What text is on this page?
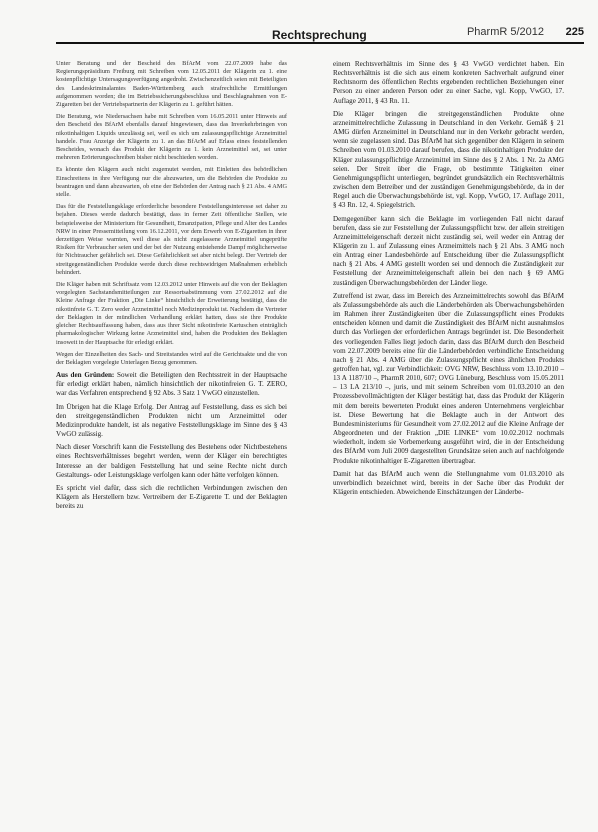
Rechtsprechung	PharmR 5/2012 225

Unter Beratung und der Bescheid des BfArM vom 22.07.2009 habe das Regierungspräsidium Freiburg mit Schreiben vom 12.05.2011 der Klägerin zu 1. eine kostenpflichtige Untersagungsverfügung angedroht. Zwischenzeitlich seien mit Beteiligten des Landeskriminalamtes Baden-Württemberg auch strafrechtliche Ermittlungen aufgenommen worden; die im Betriebssicherungsbeschluss und Beschlagnahmen von E-Zigaretten bei der Vertriebspartnerin der Klägerin zu 1. geführt hätten.

Die Beratung, wie Niedersachsen habe mit Schreiben vom 16.05.2011 unter Hinweis auf den Bescheid des BfArM ebenfalls darauf hingewiesen, dass das Inverkehrbringen von nikotinhaltigen Liquids unzulässig sei, weil es sich um zulassungspflichtige Arzneimittel handele. Frau Anzeige der Klägerin zu 1. an das BfArM auf Erlass eines feststellenden Bescheides, wonach das Produkt der Klägerin zu 1. kein Arzneimittel sei, sei unter mehreren Erörterungsschreiben bisher nicht beschieden worden.

Es könnte den Klägern auch nicht zugemutet werden, mit Einleiten des behördlichen Einschreitens in ihre Verfügung nur die abzuwarten, um die Behörden die Produkte zu beantragen und dann abzuwarten, ob eine der Behörden der Antrag nach § 21 Abs. 4 AMG stelle.

Das für die Feststellungsklage erforderliche besondere Feststellungsinteresse sei daher zu bejahen. Dieses werde dadurch bestätigt, dass in ferner Zeit öffentliche Stellen, wie beispielsweise der Ministerium für Gesundheit, Emanzipation, Pflege und Alter des Landes NRW in einer Pressemitteilung vom 16.12.2011, vor dem Erwerb von E-Zigaretten in ihrer derzeitigen Weise warnten, weil diese als nicht zugelassene Arzneimittel ungeprüfte Risiken für Verbraucher seien und der bei der Nutzung entstehende Dampf möglicherweise für Nichtraucher gefährlich sei. Diese Gefährlichkeit sei aber nicht belegt. Der Vertrieb der streitgegenständlichen Produkte werde durch diese rechtswidrigen Maßnahmen erheblich behindert.

Die Kläger haben mit Schriftsatz vom 12.03.2012 unter Hinweis auf die von der Beklagten vorgelegten Sachstandsmitteilungen zur Ressortsabstimmung vom 27.02.2012 auf die Kleine Anfrage der Fraktion „Die Linke“ hinsichtlich der Erweiterung bestätigt, dass die nikotinfreie G. T. Zero weder Arzneimittel noch Medizinprodukt ist. Nachdem die Vertreter der Beklagten in der mündlichen Verhandlung erklärt hatten, dass sie ihre Produkte gleicher Rechtsauffassung haben, dass aus ihrer Sicht nikotinfreie Kartuschen einträglich pharmakologischer Wirkung keine Arzneimittel sind, haben die Produkten des Beklagten insoweit in der Hauptsache für erledigt erklärt.

Wegen der Einzelheiten des Sach- und Streitstandes wird auf die Gerichtsakte und die von der Beklagten vorgelegte Unterlagen Bezug genommen.

Aus den Gründen: Soweit die Beteiligten den Rechtsstreit in der Hauptsache für erledigt erklärt haben, nämlich hinsichtlich der nikotinfreien G. T. ZERO, war das Verfahren entsprechend § 92 Abs. 3 Satz 1 VwGO einzustellen.

Im Übrigen hat die Klage Erfolg. Der Antrag auf Feststellung, dass es sich bei den streitgegenständlichen Produkten nicht um Arzneimittel oder Medizinprodukte handelt, ist als negative Feststellungsklage im Sinne des § 43 VwGO zulässig.

Nach dieser Vorschrift kann die Feststellung des Bestehens oder Nichtbestehens eines Rechtsverhältnisses begehrt werden, wenn der Kläger ein berechtigtes Interesse an der baldigen Feststellung hat und seine Rechte nicht durch Gestaltungs- oder Leistungsklage verfolgen kann oder hätte verfolgen können.

Es spricht viel dafür, dass sich die rechtlichen Verbindungen zwischen den Klägern als Herstellern bzw. Vertreibern der E-Zigarette T. und der Beklagten bereits zu

einem Rechtsverhältnis im Sinne des § 43 VwGO verdichtet haben. Ein Rechtsverhältnis ist die sich aus einem konkreten Sachverhalt aufgrund einer Rechtsnorm des öffentlichen Rechts ergebenden rechtlichen Beziehungen einer Person zu einer anderen Person oder zu einer Sache, vgl. Kopp, VwGO, 17. Auflage 2011, § 43 Rn. 11.

Die Kläger bringen die streitgegenständlichen Produkte ohne arzneimittelrechtliche Zulassung in Deutschland in den Verkehr. Gemäß § 21 AMG dürfen Arzneimittel in Deutschland nur in den Verkehr gebracht werden, wenn sie zugelassen sind. Das BfArM hat sich gegenüber den Klägern in seinem Schreiben vom 01.03.2010 darauf berufen, dass die nikotinhaltigen Produkte der Kläger zulassungspflichtige Arzneimittel im Sinne des § 2 Abs. 1 Nr. 2a AMG seien. Der Streit über die Frage, ob bestimmte Tätigkeiten einer Genehmigungspflicht unterliegen, begründet grundsätzlich ein Rechtsverhältnis zwischen dem Betreiber und der zuständigen Genehmigungsbehörde, da in der Regel auch die Überwachungsbehörde ist, vgl. Kopp, VwGO, 17. Auflage 2011, § 43 Rn. 12, 4. Spiegelstrich.

Demgegenüber kann sich die Beklagte im vorliegenden Fall nicht darauf berufen, dass sie zur Feststellung der Zulassungspflicht bzw. der allein streitigen Arzneimitteleigenschaft derzeit nicht zuständig sei, weil weder ein Antrag der Klägerin zu 1. auf Zulassung eines Arzneimittels nach § 21 Abs. 3 AMG noch ein Antrag einer Landesbehörde auf Entscheidung über die Zulassungspflicht nach § 21 Abs. 4 AMG gestellt worden sei und dennoch die Zuständigkeit zur Feststellung der Arzneimitteleigenschaft allein bei den nach § 69 AMG zuständigen Überwachungsbehörden der Länder liege.

Zutreffend ist zwar, dass im Bereich des Arzneimittelrechts sowohl das BfArM als Zulassungsbehörde als auch die Länderbehörden als Überwachungsbehörden im Rahmen ihrer Zuständigkeiten über die Zulassungspflicht eines Produkts entscheiden können und damit die Zuständigkeit des BfArM nicht ausnahmslos durch das Vorliegen der erforderlichen Antrags begründet ist. Die Besonderheit des vorliegenden Falles liegt jedoch darin, dass das BfArM durch den Bescheid vom 22.07.2009 bereits eine für die Länderbehörden verbindliche Entscheidung nach § 21 Abs. 4 AMG über die Zulassungspflicht eines ähnlichen Produkts getroffen hat, vgl. zur Verbindlichkeit: OVG NRW, Beschluss vom 13.10.2010 – 13 A 1187/10 –, PharmR 2010, 607; OVG Lüneburg, Beschluss vom 15.05.2011 – 13 LA 213/10 –, juris, und mit seinem Schreiben vom 01.03.2010 an den Prozessbevollmächtigten der Kläger bestätigt hat, dass das Produkt der Klägerin mit dem bereits bewerteten Produkt eines anderen Unternehmens vergleichbar ist. Diese Bewertung hat die Beklagte auch in der Antwort des Bundesministeriums für Gesundheit vom 27.02.2012 auf die Kleine Anfrage der Abgeordneten und der Fraktion „DIE LINKE“ vom 10.02.2012 nochmals wiederholt, indem sie Vorbemerkung ausgeführt wird, die in der Entscheidung des BfArM vom Juli 2009 dargestellten Grundsätze seien auch auf nachfolgende Produkte nikotinhaltiger E-Zigaretten übertragbar.

Damit hat das BfArM auch wenn die Stellungnahme vom 01.03.2010 als unverbindlich bezeichnet wird, bereits in der Sache über das Produkt der Klägerin entschieden. Abweichende Einschätzungen der Länderbe-
